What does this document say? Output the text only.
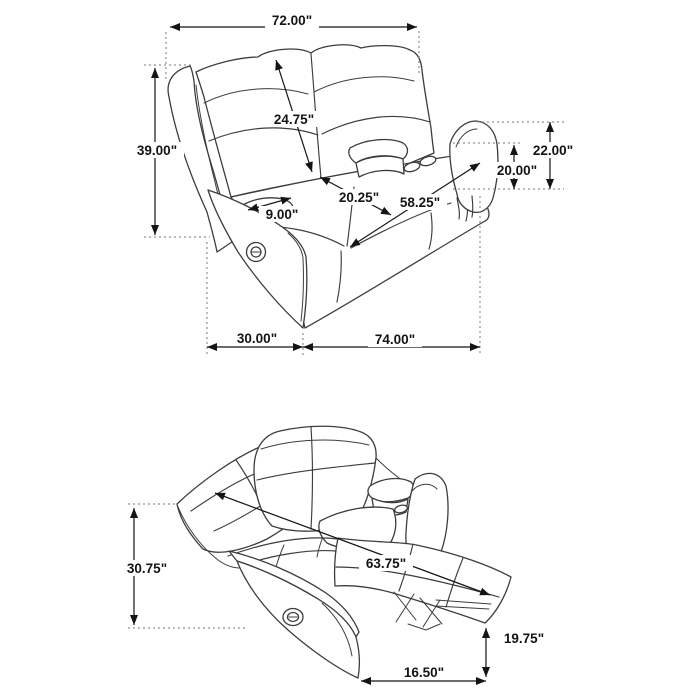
72.00"
39.00"
24.75"
20.25"
9.00"
58.25"
22.00"
20.00"
30.00"	74.00"
30.75"	63.75"
19.75"
16.50"
